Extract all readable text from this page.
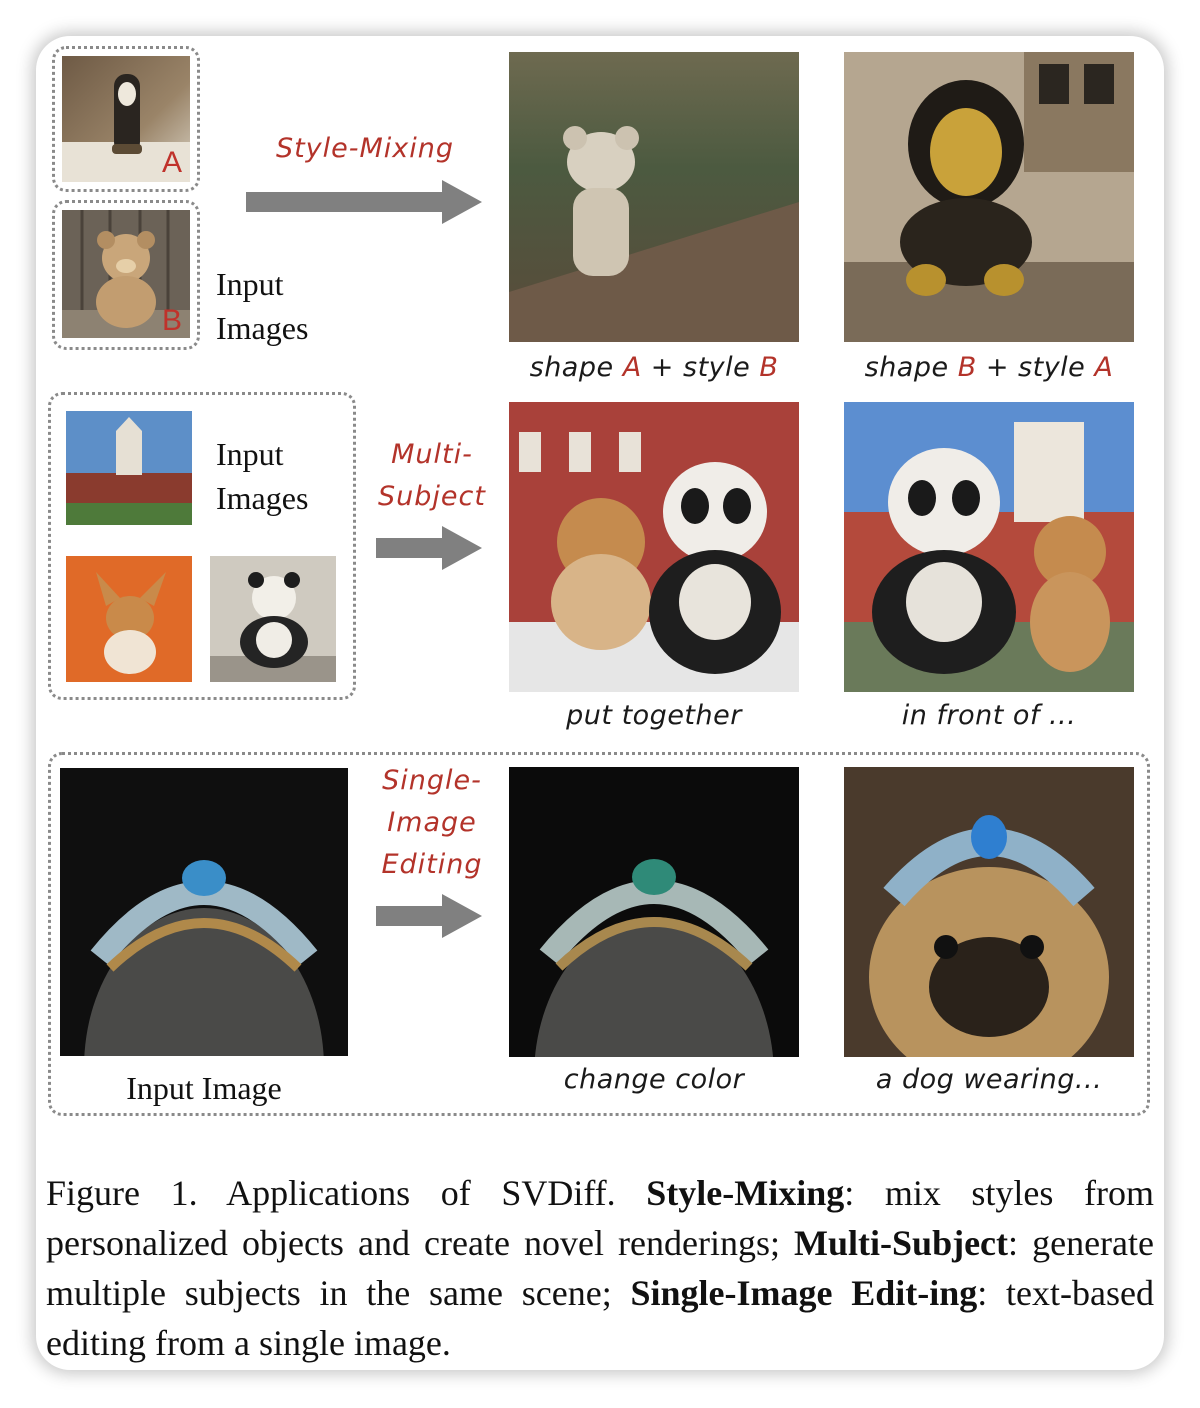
A
B
Input
Images
Style-Mixing
shape A + style B	shape B + style A
Input
Images
Multi-
Subject
put together	in front of ...
Input Image
Single-
Image
Editing
change color	a dog wearing...
Figure 1. Applications of SVDiff. Style-Mixing: mix styles from personalized objects and create novel renderings; Multi-Subject: generate multiple subjects in the same scene; Single-Image Edit-ing: text-based editing from a single image.
